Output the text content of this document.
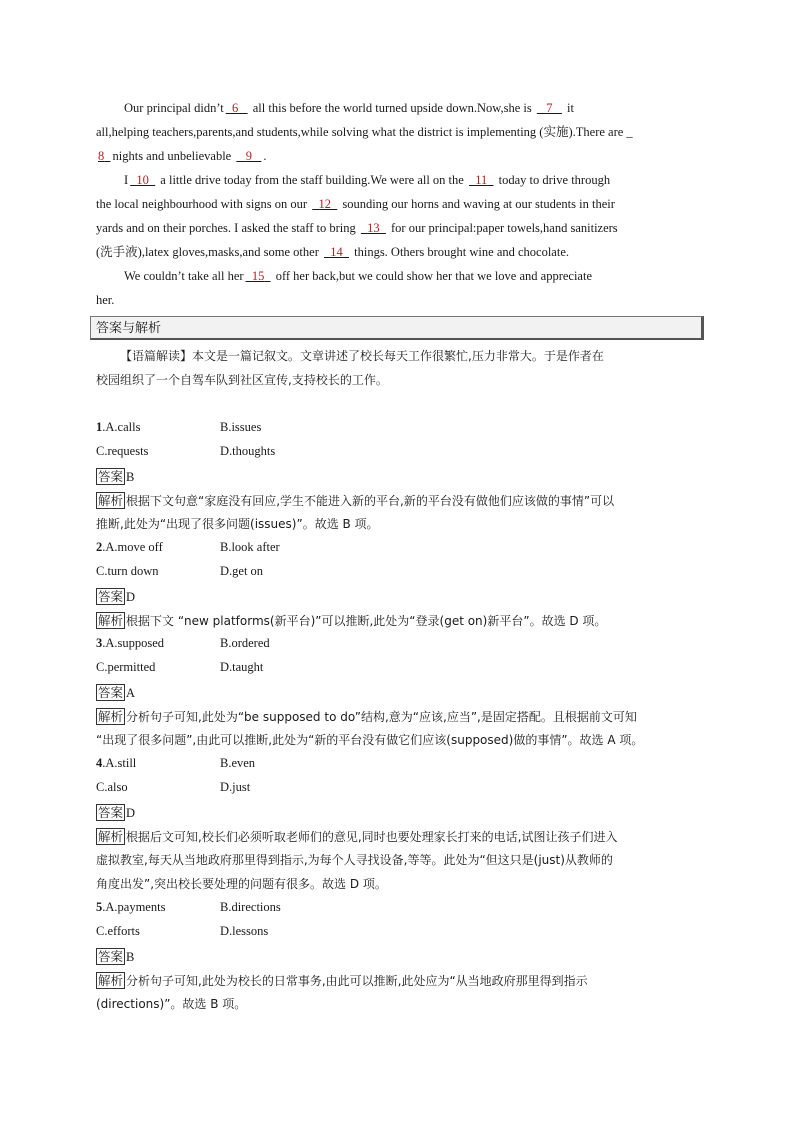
Our principal didn’t 6 all this before the world turned upside down.Now,she is 7 it
all,helping teachers,parents,and students,while solving what the district is implementing (实施).There are _
8 nights and unbelievable 9 .
I 10 a little drive today from the staff building.We were all on the 11 today to drive through
the local neighbourhood with signs on our 12 sounding our horns and waving at our students in their
yards and on their porches. I asked the staff to bring 13 for our principal:paper towels,hand sanitizers
(洗手液),latex gloves,masks,and some other 14 things. Others brought wine and chocolate.
We couldn’t take all her 15 off her back,but we could show her that we love and appreciate
her.
答案与解析
【语篇解读】本文是一篇记叙文。文章讲述了校长每天工作很繁忙,压力非常大。于是作者在
校园组织了一个自驾车队到社区宣传,支持校长的工作。
1.A.calls	B.issues
C.requests	D.thoughts
答案 B
解析 根据下文句意“家庭没有回应,学生不能进入新的平台,新的平台没有做他们应该做的事情”可以
推断,此处为“出现了很多问题(issues)”。故选 B 项。
2.A.move off	B.look after
C.turn down	D.get on
答案 D
解析 根据下文 “new platforms(新平台)”可以推断,此处为“登录(get on)新平台”。故选 D 项。
3.A.supposed	B.ordered
C.permitted	D.taught
答案 A
解析 分析句子可知,此处为“be supposed to do”结构,意为“应该,应当”,是固定搭配。且根据前文可知
“出现了很多问题”,由此可以推断,此处为“新的平台没有做它们应该(supposed)做的事情”。故选 A 项。
4.A.still	B.even
C.also	D.just
答案 D
解析 根据后文可知,校长们必须听取老师们的意见,同时也要处理家长打来的电话,试图让孩子们进入
虚拟教室,每天从当地政府那里得到指示,为每个人寻找设备,等等。此处为“但这只是(just)从教师的
角度出发”,突出校长要处理的问题有很多。故选 D 项。
5.A.payments	B.directions
C.efforts	D.lessons
答案 B
解析 分析句子可知,此处为校长的日常事务,由此可以推断,此处应为“从当地政府那里得到指示
(directions)”。故选 B 项。
